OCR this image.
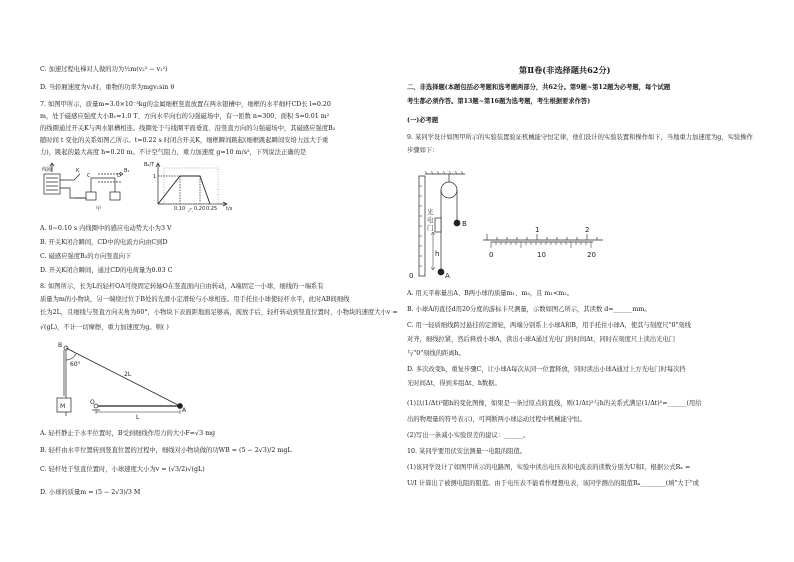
C. 加速过程电梯对人做的功为½m(v₂² − v₁²)
D. 当轿厢速度为v₁时，重物的功率为mgv₁sin θ
7. 如图甲所示，质量m=3.0×10⁻³kg的金属细框竖直放置在两水银槽中，细框的水平细杆CD长 l=0.20
m，处于磁感应强度大小B₁=1.0 T、方向水平向右的匀强磁场中，有一匝数 n=300、面积 S=0.01 m²
的线圈通过开关K与两水银槽相连。线圈处于与线圈平面垂直、沿竖直方向的匀强磁场中，其磁感应强度B₂
随时间 t 变化的关系如图乙所示。t=0.22 s 时闭合开关K，细框瞬间跳起(细框跳起瞬间安培力远大于重
力)，跳起的最大高度 h=0.20 m。不计空气阻力，重力加速度 g=10 m/s²，下列说法正确的是
线圈	K
C	D
B₁
甲	乙
B₂/T
t/s
1
0.10 0.20 0.25
A. 0~0.10 s 内线圈中的感应电动势大小为3 V
B. 开关K闭合瞬间，CD中的电流方向由C到D
C. 磁感应强度B₂的方向竖直向下
D. 开关K闭合瞬间，通过CD的电荷量为0.03 C
8. 如图所示，长为L的轻杆OA可绕固定转轴O在竖直面内自由转动，A端固定一小球，细线的一端系有
质量为m的小物块，另一端绕过位于B处的光滑小定滑轮与小球相连。用手托住小球使轻杆水平，此时AB间细线
长为2L，且细线与竖直方向夹角为60°，小物块下表面距地面足够高，现放手后，轻杆转动到竖直位置时，小物块的速度大小v =
√(gL)，不计一切摩擦，重力加速度为g。则( )
B
60°
2L
M
O
A
L
A. 轻杆静止于水平位置时，B受到细线作用力的大小F=√3 mg
B. 轻杆由水平位置转到竖直位置的过程中，细线对小物块做的功WB = (5 − 2√3)/2 mgL
C. 轻杆处于竖直位置时，小球速度大小为v = (√3/2)√(gL)
D. 小球的质量m = (5 − 2√3)/3 M
第Ⅱ卷(非选择题共62分)
二、非选择题(本题包括必考题和选考题两部分，共62分。第9题~第12题为必考题，每个试题
考生都必须作答。第13题~第16题为选考题，考生根据要求作答)
(一)必考题
9. 某同学设计如图甲所示的实验装置验证机械能守恒定律，他们设计的实验装置和操作如下，当地重力加速度为g，实验操作
步骤如下：
光
电
门	B
h
0	A
1	2
0	10	20
A. 用天平称量出A、B两小球的质量m₁、m₂，且 m₁<m₂。
B. 小球A的直径d用20分度的游标卡尺测量，示数如图乙所示，其读数 d=______mm。
C. 用一轻质细线跨过悬挂的定滑轮，两端分别系上小球A和B，用手托住小球A，使其与刻度尺"0"刻线
对齐，细线拉紧，然后释放小球A，读出小球A通过光电门的时间Δt，同时在刻度尺上读出光电门
与"0"刻线的距离h。
D. 多次改变h，重复步骤C，让小球A每次从同一位置释放，同时读出小球A通过上方光电门时每次挡
光时间Δt，得到多组Δt、h数据。
(1)以(1/Δt)²随h的变化图像，如果是一条过原点的直线，则(1/Δt)²与h的关系式满足(1/Δt)²=______(用给
出的物理量的符号表示)，可判断两小球运动过程中机械能守恒。
(2)写出一条减小实验误差的建议：______。
10. 某同学要用伏安法测量一电阻的阻值。
(1)该同学设计了如图甲所示的电路图，实验中读出电压表和电流表的读数分别为U和I，根据公式Rₓ =
U/I 计算出了被测电阻的阻值。由于电压表不能看作理想电表，该同学测出的阻值Rₓ________(填"大于"或
